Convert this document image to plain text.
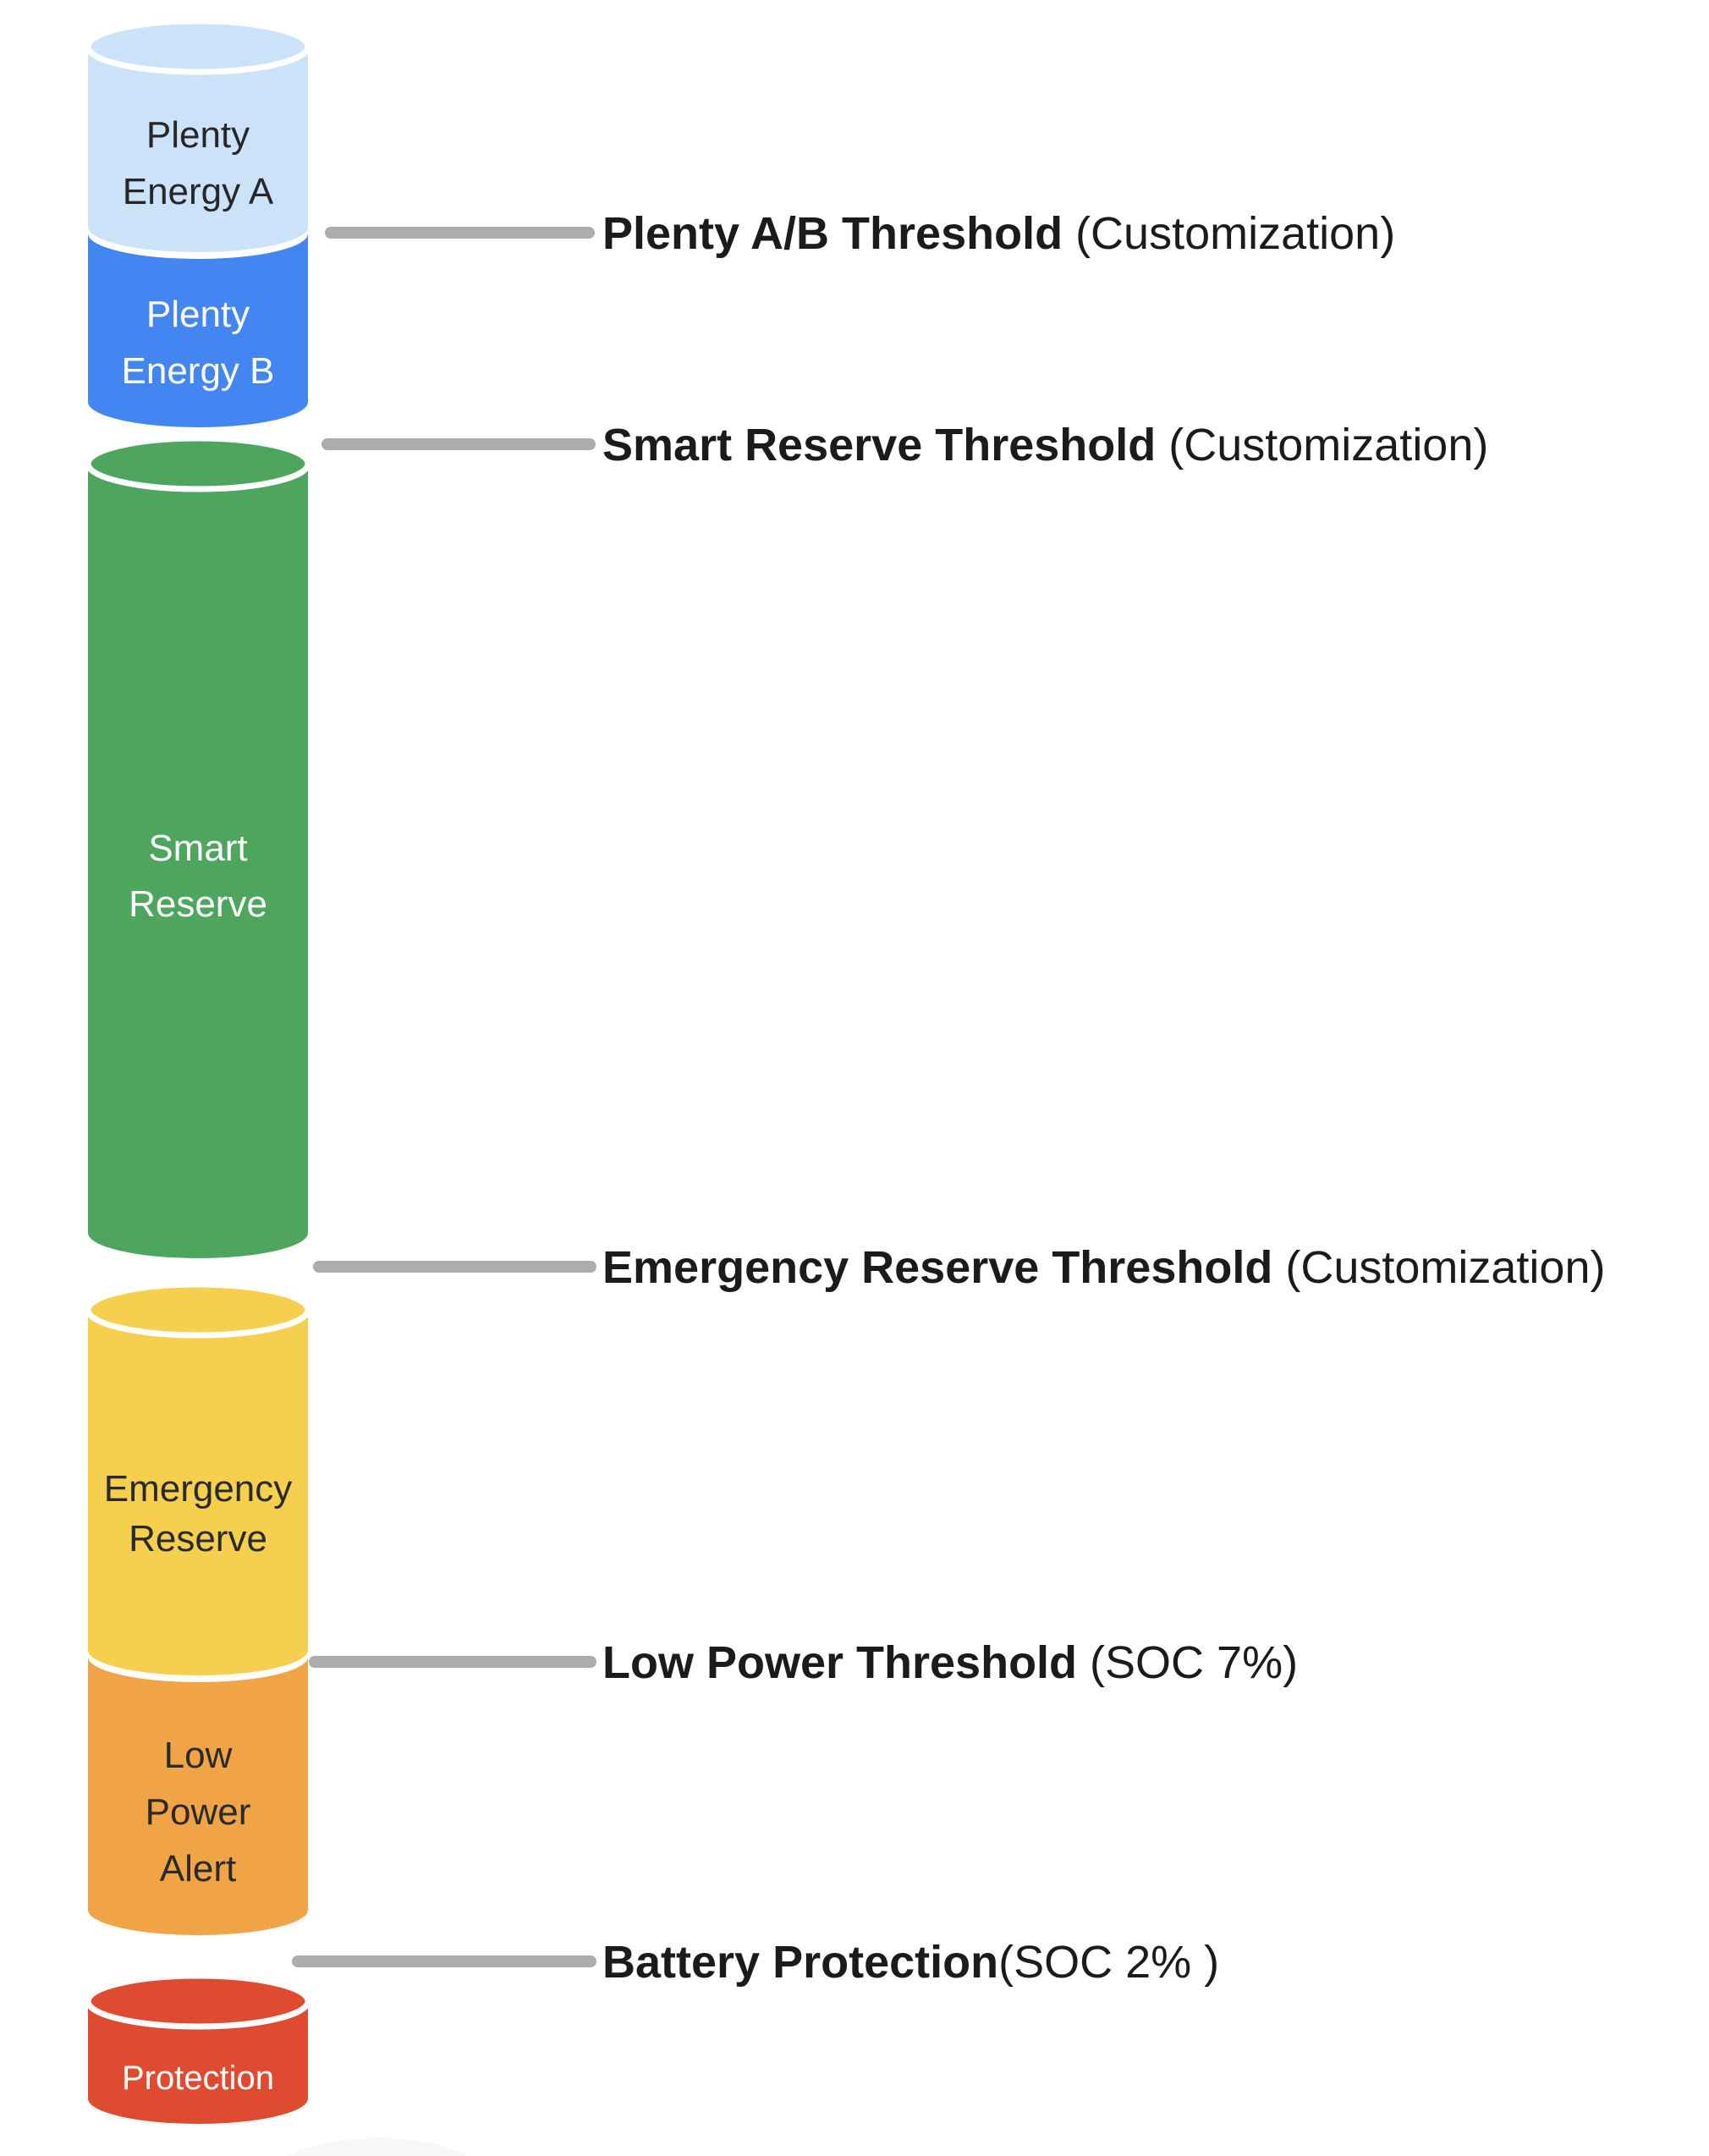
Plenty
Energy A
Plenty
Energy B
Smart
Reserve
Emergency
Reserve
Low
Power
Alert
Protection
Plenty A/B Threshold (Customization)
Smart Reserve Threshold (Customization)
Emergency Reserve Threshold (Customization)
Low Power Threshold (SOC 7%)
Battery Protection(SOC 2% )
